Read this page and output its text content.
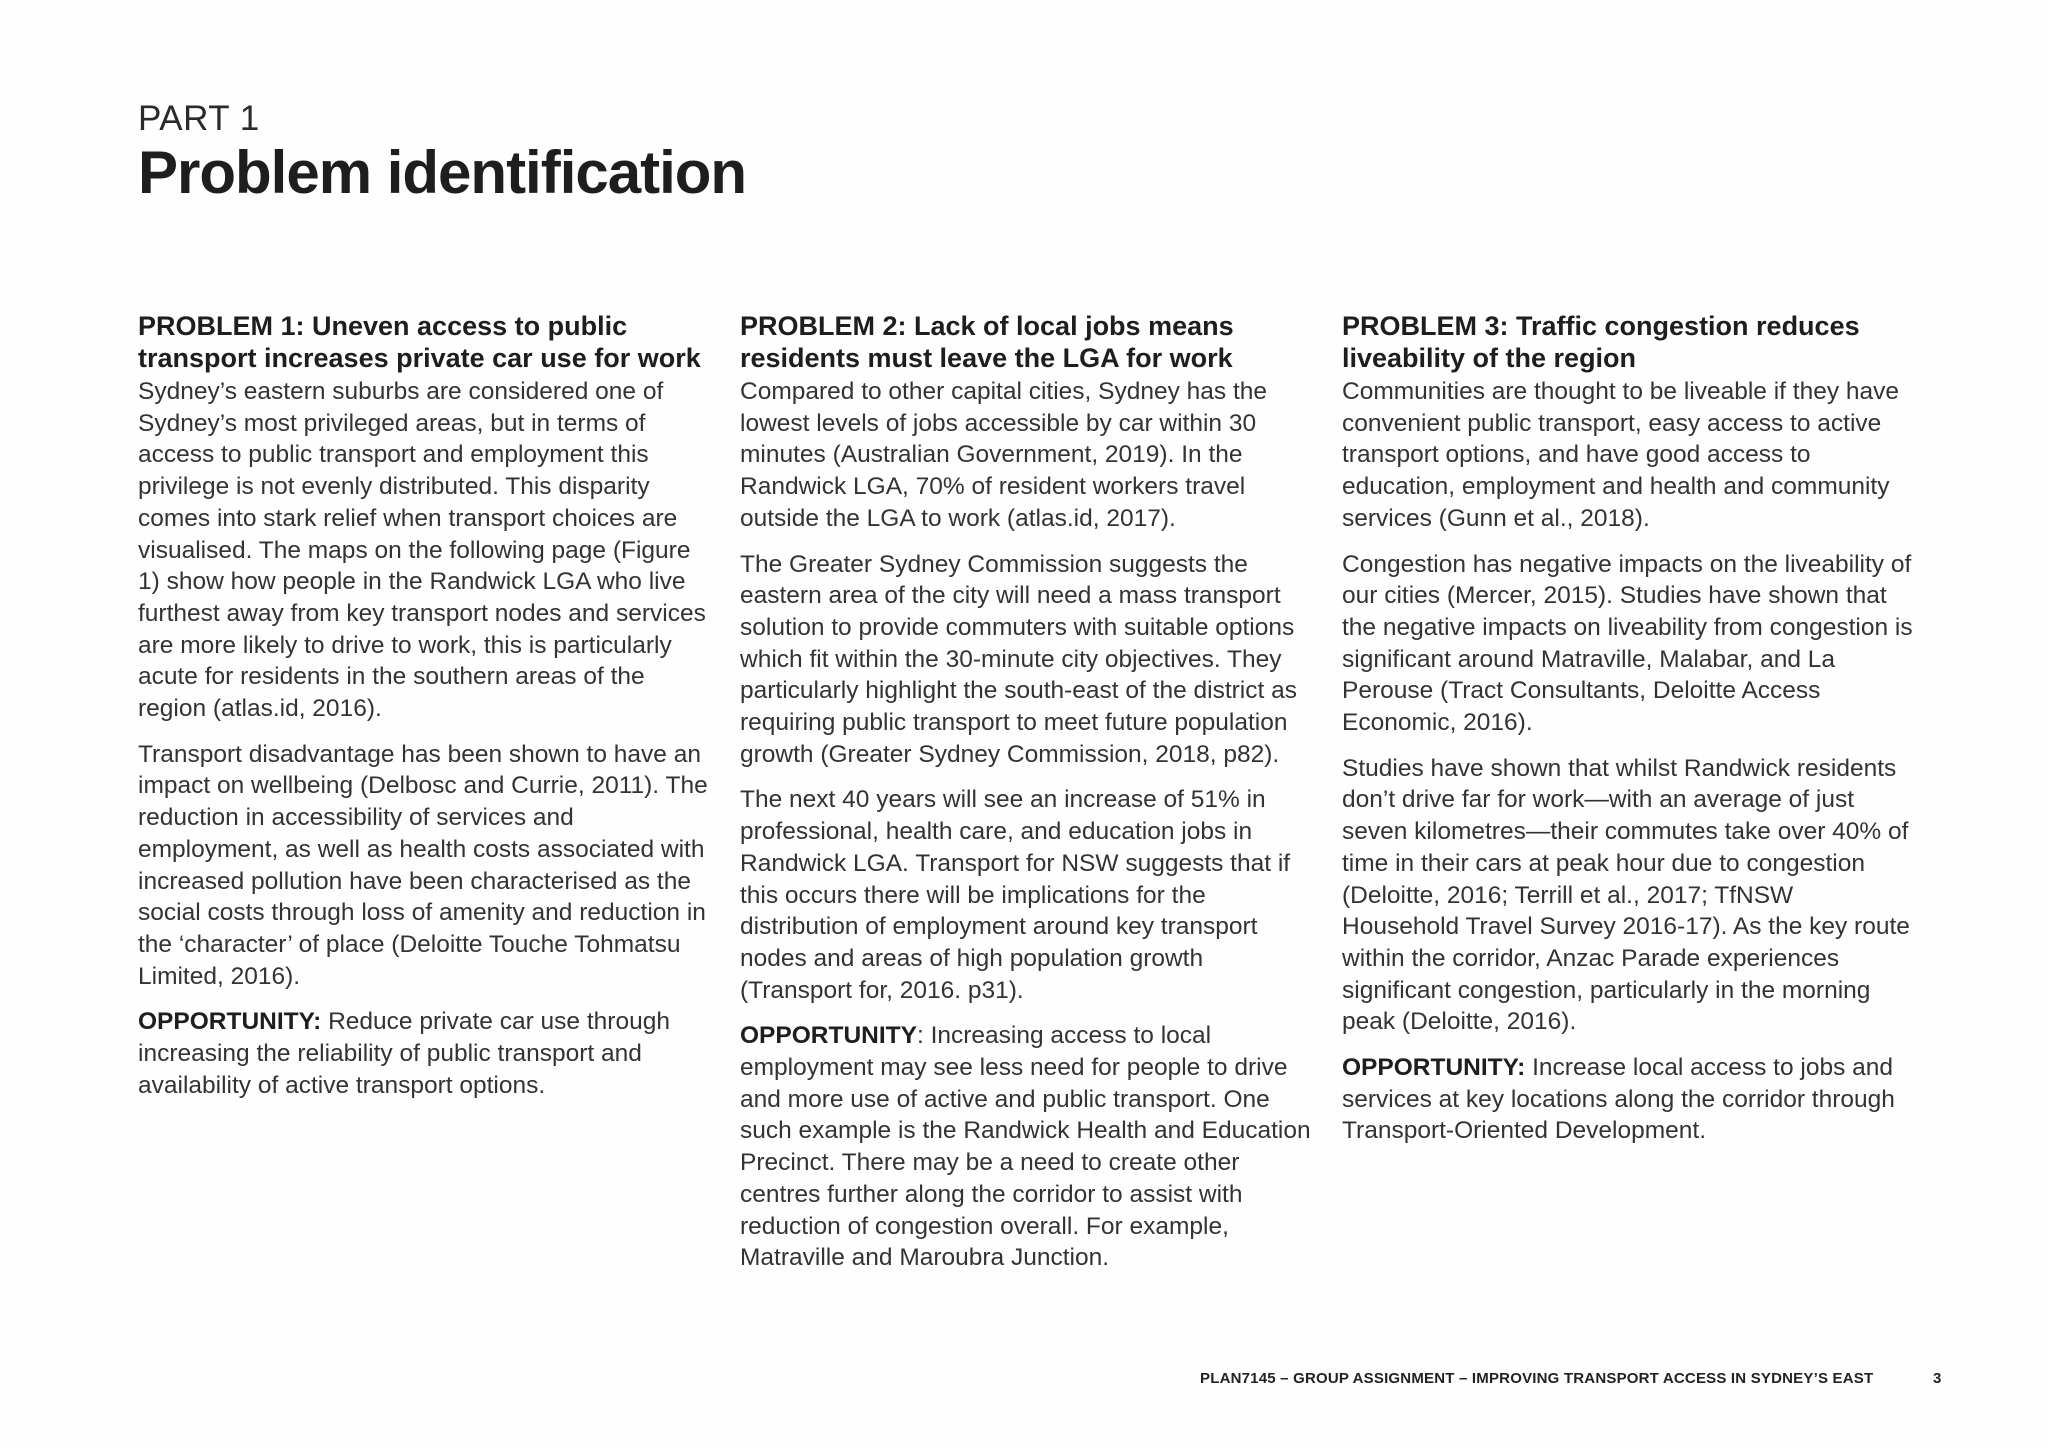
PART 1
Problem identification
PROBLEM 1: Uneven access to public transport increases private car use for work

Sydney’s eastern suburbs are considered one of Sydney’s most privileged areas, but in terms of access to public transport and employment this privilege is not evenly distributed. This disparity comes into stark relief when transport choices are visualised. The maps on the following page (Figure 1) show how people in the Randwick LGA who live furthest away from key transport nodes and services are more likely to drive to work, this is particularly acute for residents in the southern areas of the region (atlas.id, 2016).

Transport disadvantage has been shown to have an impact on wellbeing (Delbosc and Currie, 2011). The reduction in accessibility of services and employment, as well as health costs associated with increased pollution have been characterised as the social costs through loss of amenity and reduction in the ‘character’ of place (Deloitte Touche Tohmatsu Limited, 2016).

OPPORTUNITY: Reduce private car use through increasing the reliability of public transport and availability of active transport options.

PROBLEM 2: Lack of local jobs means residents must leave the LGA for work

Compared to other capital cities, Sydney has the lowest levels of jobs accessible by car within 30 minutes (Australian Government, 2019). In the Randwick LGA, 70% of resident workers travel outside the LGA to work (atlas.id, 2017).

The Greater Sydney Commission suggests the eastern area of the city will need a mass transport solution to provide commuters with suitable options which fit within the 30-minute city objectives. They particularly highlight the south-east of the district as requiring public transport to meet future population growth (Greater Sydney Commission, 2018, p82).

The next 40 years will see an increase of 51% in professional, health care, and education jobs in Randwick LGA. Transport for NSW suggests that if this occurs there will be implications for the distribution of employment around key transport nodes and areas of high population growth (Transport for, 2016. p31).

OPPORTUNITY: Increasing access to local employment may see less need for people to drive and more use of active and public transport. One such example is the Randwick Health and Education Precinct. There may be a need to create other centres further along the corridor to assist with reduction of congestion overall. For example, Matraville and Maroubra Junction.

PROBLEM 3: Traffic congestion reduces liveability of the region

Communities are thought to be liveable if they have convenient public transport, easy access to active transport options, and have good access to education, employment and health and community services (Gunn et al., 2018).

Congestion has negative impacts on the liveability of our cities (Mercer, 2015). Studies have shown that the negative impacts on liveability from congestion is significant around Matraville, Malabar, and La Perouse (Tract Consultants, Deloitte Access Economic, 2016).

Studies have shown that whilst Randwick residents don’t drive far for work—with an average of just seven kilometres—their commutes take over 40% of time in their cars at peak hour due to congestion (Deloitte, 2016; Terrill et al., 2017; TfNSW Household Travel Survey 2016-17). As the key route within the corridor, Anzac Parade experiences significant congestion, particularly in the morning peak (Deloitte, 2016).

OPPORTUNITY: Increase local access to jobs and services at key locations along the corridor through Transport-Oriented Development.

PLAN7145 – GROUP ASSIGNMENT – IMPROVING TRANSPORT ACCESS IN SYDNEY’S EAST	3
